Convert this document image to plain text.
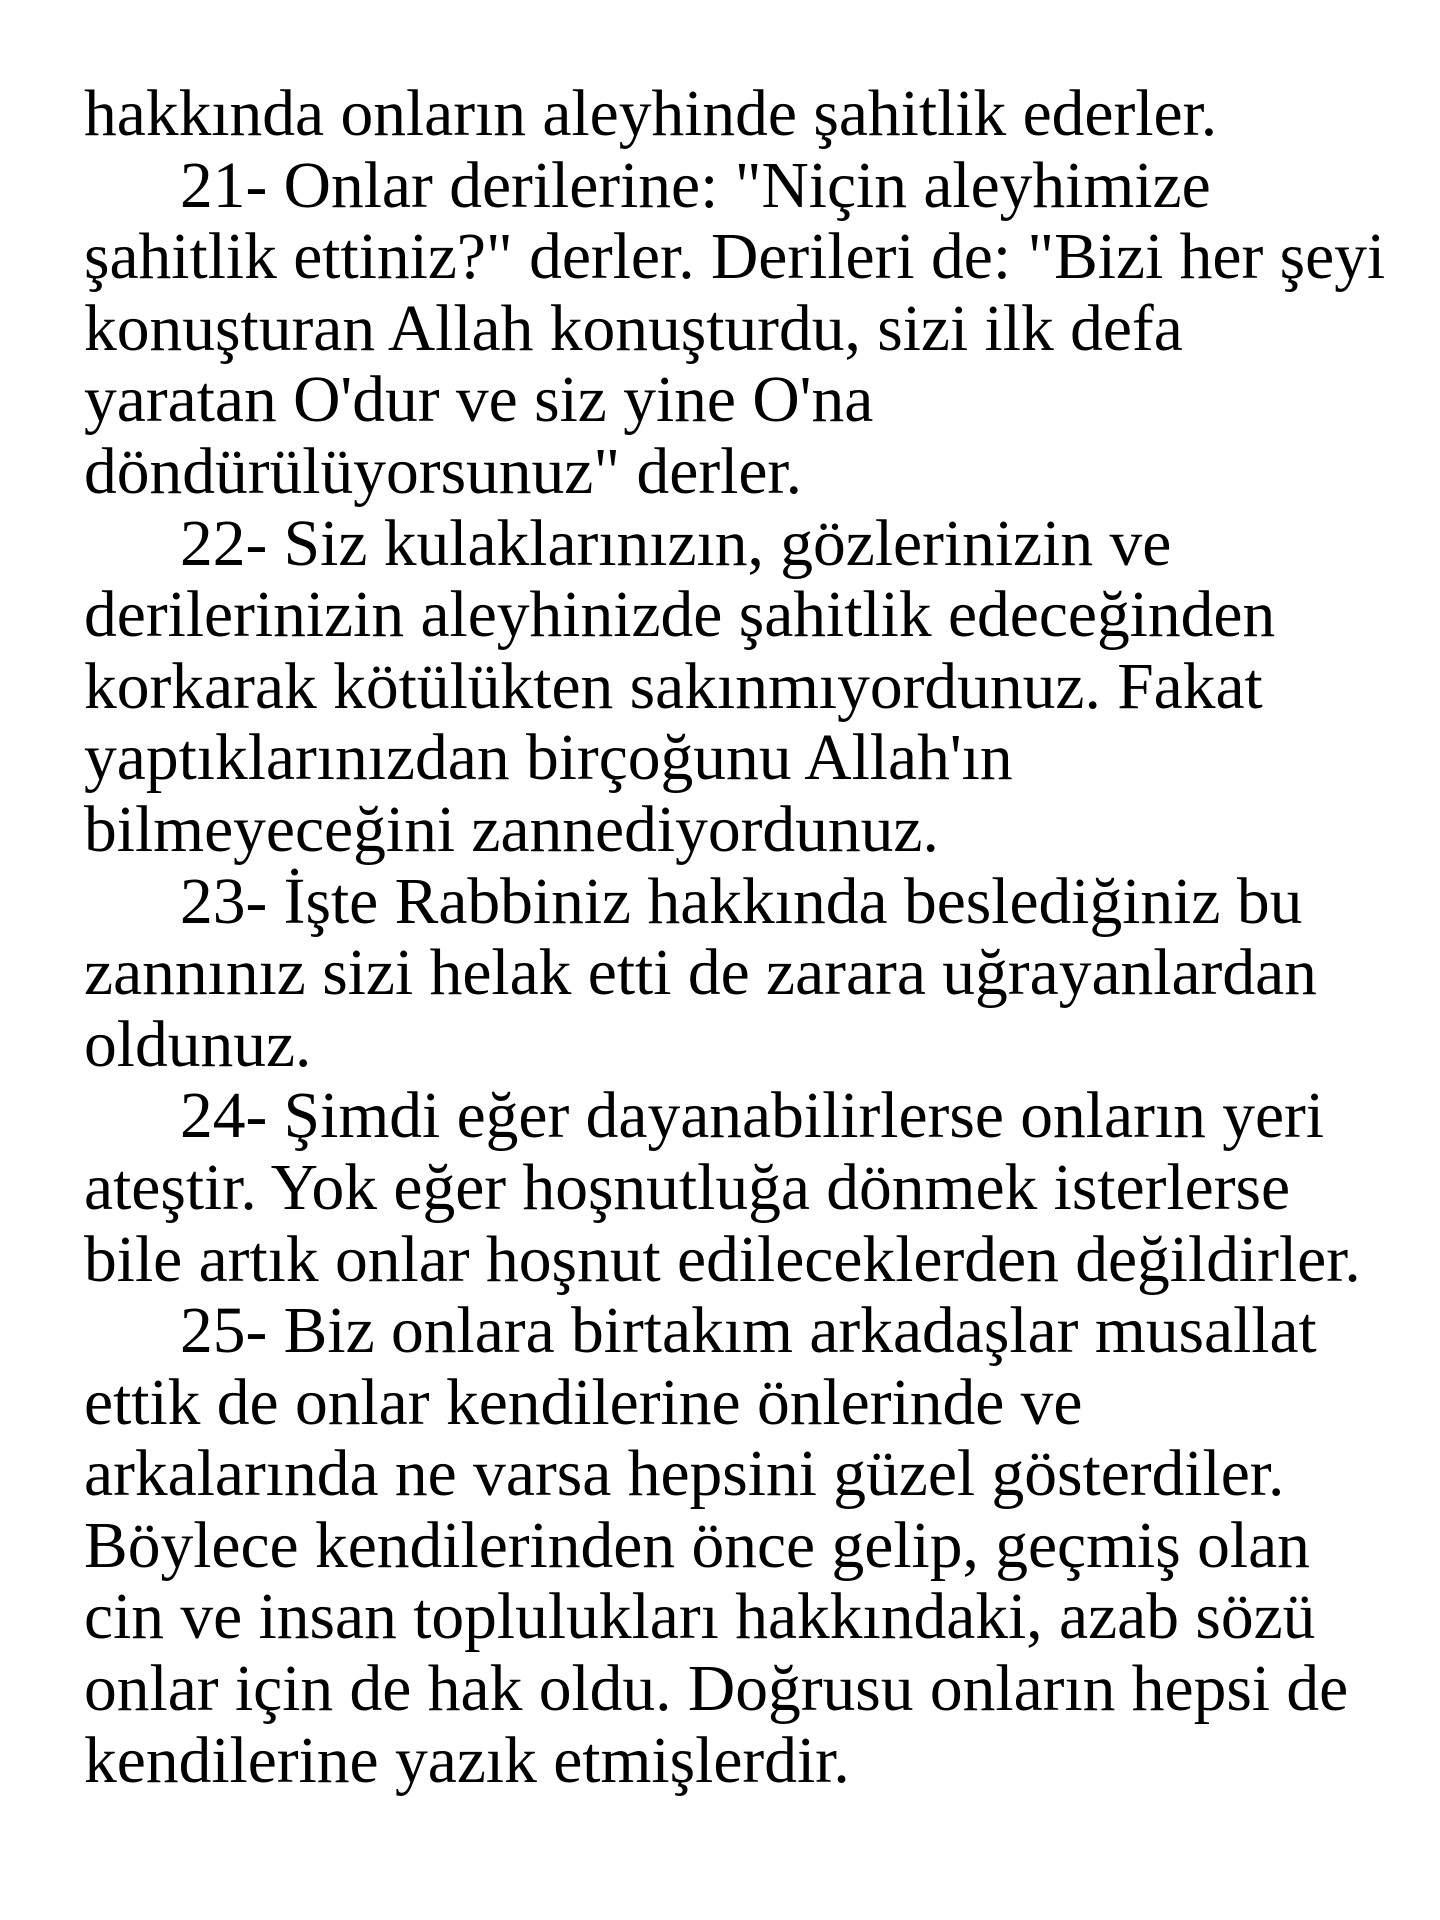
hakkında onların aleyhinde şahitlik ederler.
21- Onlar derilerine: "Niçin aleyhimize
şahitlik ettiniz?" derler. Derileri de: "Bizi her şeyi
konuşturan Allah konuşturdu, sizi ilk defa
yaratan O'dur ve siz yine O'na
döndürülüyorsunuz" derler.
22- Siz kulaklarınızın, gözlerinizin ve
derilerinizin aleyhinizde şahitlik edeceğinden
korkarak kötülükten sakınmıyordunuz. Fakat
yaptıklarınızdan birçoğunu Allah'ın
bilmeyeceğini zannediyordunuz.
23- İşte Rabbiniz hakkında beslediğiniz bu
zannınız sizi helak etti de zarara uğrayanlardan
oldunuz.
24- Şimdi eğer dayanabilirlerse onların yeri
ateştir. Yok eğer hoşnutluğa dönmek isterlerse
bile artık onlar hoşnut edileceklerden değildirler.
25- Biz onlara birtakım arkadaşlar musallat
ettik de onlar kendilerine önlerinde ve
arkalarında ne varsa hepsini güzel gösterdiler.
Böylece kendilerinden önce gelip, geçmiş olan
cin ve insan toplulukları hakkındaki, azab sözü
onlar için de hak oldu. Doğrusu onların hepsi de
kendilerine yazık etmişlerdir.
